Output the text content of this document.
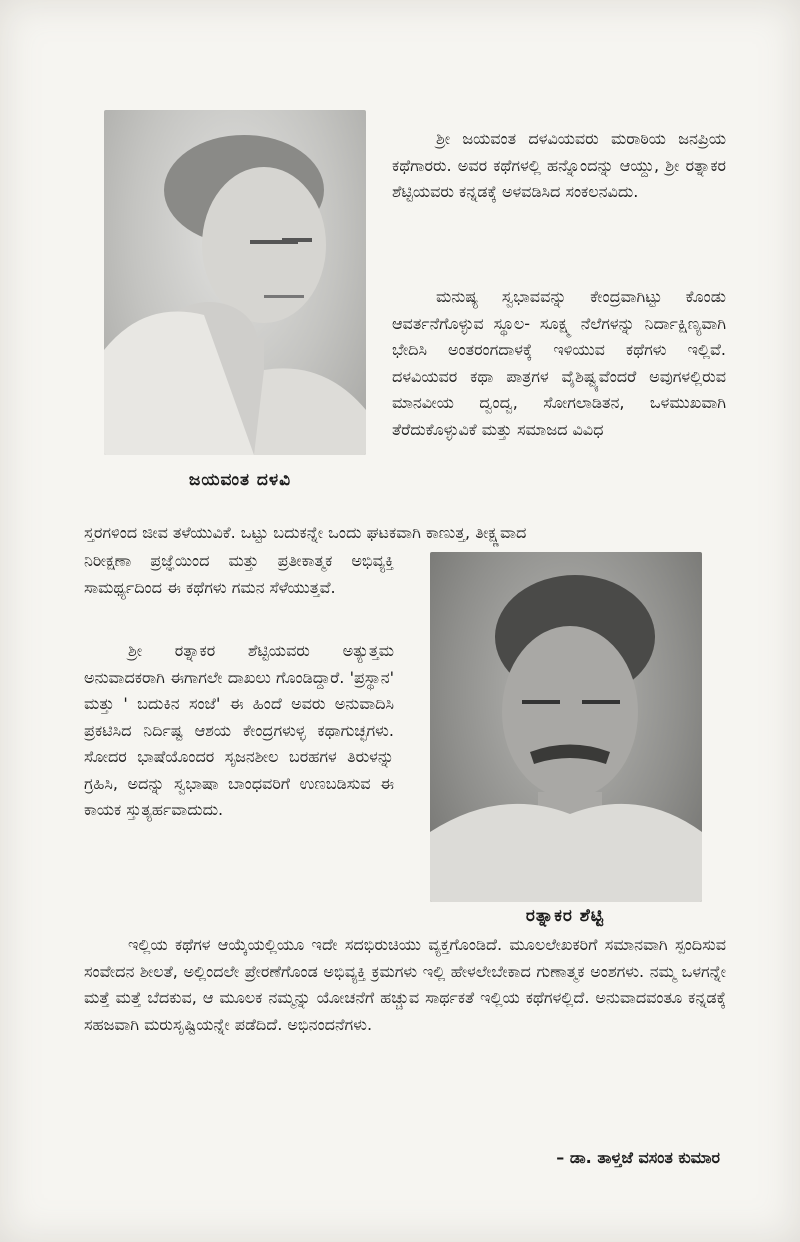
ಜಯವಂತ ದಳವಿ
ಶ್ರೀ ಜಯವಂತ ದಳವಿಯವರು ಮರಾಠಿಯ ಜನಪ್ರಿಯ ಕಥೆಗಾರರು. ಅವರ ಕಥೆಗಳಲ್ಲಿ ಹನ್ನೊಂದನ್ನು ಆಯ್ದು, ಶ್ರೀ ರತ್ನಾಕರ ಶೆಟ್ಟಿಯವರು ಕನ್ನಡಕ್ಕೆ ಅಳವಡಿಸಿದ ಸಂಕಲನವಿದು.
ಮನುಷ್ಯ ಸ್ವಭಾವವನ್ನು ಕೇಂದ್ರವಾಗಿಟ್ಟು ಕೊಂಡು ಆವರ್ತನೆಗೊಳ್ಳುವ ಸ್ಥೂಲ- ಸೂಕ್ಷ್ಮ ನೆಲೆಗಳನ್ನು ನಿರ್ದಾಕ್ಷಿಣ್ಯವಾಗಿ ಭೇದಿಸಿ ಅಂತರಂಗದಾಳಕ್ಕೆ ಇಳಿಯುವ ಕಥೆಗಳು ಇಲ್ಲಿವೆ. ದಳವಿಯವರ ಕಥಾ ಪಾತ್ರಗಳ ವೈಶಿಷ್ಟ್ಯವೆಂದರೆ ಅವುಗಳಲ್ಲಿರುವ ಮಾನವೀಯ ದ್ವಂದ್ವ, ಸೋಗಲಾಡಿತನ, ಒಳಮುಖವಾಗಿ ತೆರೆದುಕೊಳ್ಳುವಿಕೆ ಮತ್ತು ಸಮಾಜದ ವಿವಿಧ
ಸ್ತರಗಳಿಂದ ಜೀವ ತಳೆಯುವಿಕೆ. ಒಟ್ಟು ಬದುಕನ್ನೇ ಒಂದು ಘಟಕವಾಗಿ ಕಾಣುತ್ತ, ತೀಕ್ಷ್ಣವಾದ
ನಿರೀಕ್ಷಣಾ ಪ್ರಜ್ಞೆಯಿಂದ ಮತ್ತು ಪ್ರತೀಕಾತ್ಮಕ ಅಭಿವ್ಯಕ್ತಿ ಸಾಮರ್ಥ್ಯದಿಂದ ಈ ಕಥೆಗಳು ಗಮನ ಸೆಳೆಯುತ್ತವೆ.
ರತ್ನಾಕರ ಶೆಟ್ಟಿ
ಶ್ರೀ ರತ್ನಾಕರ ಶೆಟ್ಟಿಯವರು ಅತ್ಯುತ್ತಮ ಅನುವಾದಕರಾಗಿ ಈಗಾಗಲೇ ದಾಖಲು ಗೊಂಡಿದ್ದಾರೆ. 'ಪ್ರಸ್ಥಾನ' ಮತ್ತು ' ಬದುಕಿನ ಸಂಜೆ' ಈ ಹಿಂದೆ ಅವರು ಅನುವಾದಿಸಿ ಪ್ರಕಟಿಸಿದ ನಿರ್ದಿಷ್ಟ ಆಶಯ ಕೇಂದ್ರಗಳುಳ್ಳ ಕಥಾಗುಚ್ಛಗಳು. ಸೋದರ ಭಾಷೆಯೊಂದರ ಸೃಜನಶೀಲ ಬರಹಗಳ ತಿರುಳನ್ನು ಗ್ರಹಿಸಿ, ಅದನ್ನು ಸ್ವಭಾಷಾ ಬಾಂಧವರಿಗೆ ಉಣಬಡಿಸುವ ಈ ಕಾಯಕ ಸ್ತುತ್ಯರ್ಹವಾದುದು.
ಇಲ್ಲಿಯ ಕಥೆಗಳ ಆಯ್ಕೆಯಲ್ಲಿಯೂ ಇದೇ ಸದಭಿರುಚಿಯು ವ್ಯಕ್ತಗೊಂಡಿದೆ. ಮೂಲಲೇಖಕರಿಗೆ ಸಮಾನವಾಗಿ ಸ್ಪಂದಿಸುವ ಸಂವೇದನ ಶೀಲತೆ, ಅಲ್ಲಿಂದಲೇ ಪ್ರೇರಣೆಗೊಂಡ ಅಭಿವ್ಯಕ್ತಿ ಕ್ರಮಗಳು ಇಲ್ಲಿ ಹೇಳಲೇಬೇಕಾದ ಗುಣಾತ್ಮಕ ಅಂಶಗಳು. ನಮ್ಮ ಒಳಗನ್ನೇ ಮತ್ತೆ ಮತ್ತೆ ಬೆದಕುವ, ಆ ಮೂಲಕ ನಮ್ಮನ್ನು ಯೋಚನೆಗೆ ಹಚ್ಚುವ ಸಾರ್ಥಕತೆ ಇಲ್ಲಿಯ ಕಥೆಗಳಲ್ಲಿದೆ. ಅನುವಾದವಂತೂ ಕನ್ನಡಕ್ಕೆ ಸಹಜವಾಗಿ ಮರುಸೃಷ್ಟಿಯನ್ನೇ ಪಡೆದಿದೆ. ಅಭಿನಂದನೆಗಳು.
– ಡಾ. ತಾಳ್ತಜೆ ವಸಂತ ಕುಮಾರ
